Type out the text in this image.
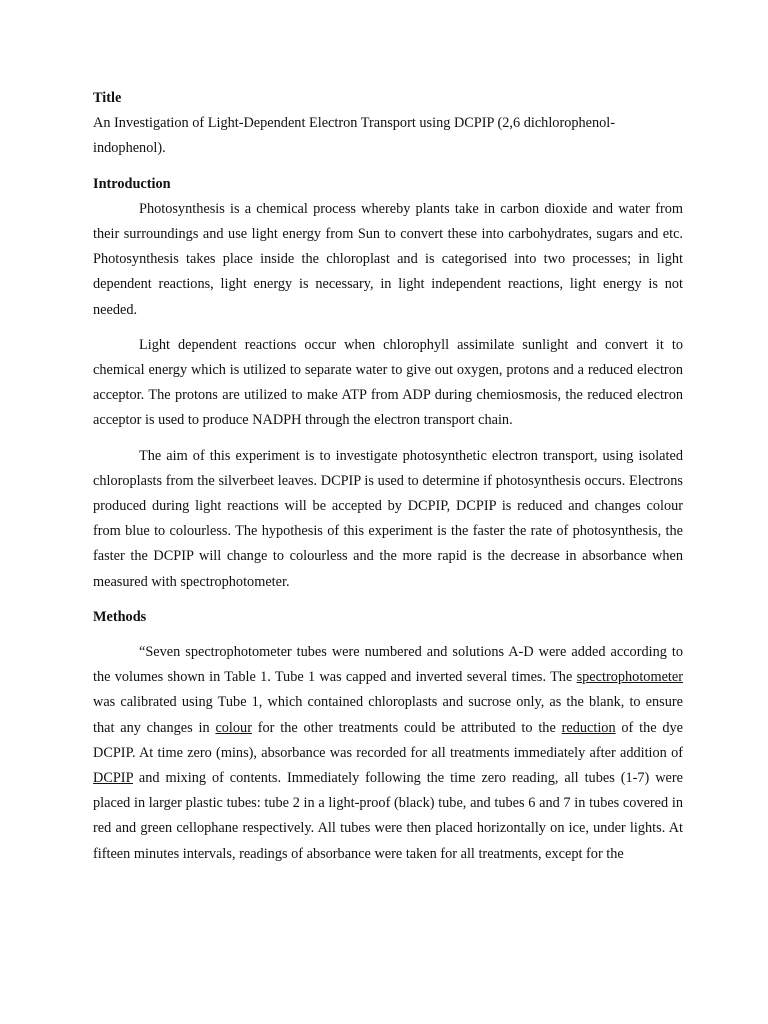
Title

An Investigation of Light-Dependent Electron Transport using DCPIP (2,6 dichlorophenol-indophenol).

Introduction

Photosynthesis is a chemical process whereby plants take in carbon dioxide and water from their surroundings and use light energy from Sun to convert these into carbohydrates, sugars and etc. Photosynthesis takes place inside the chloroplast and is categorised into two processes; in light dependent reactions, light energy is necessary, in light independent reactions, light energy is not needed.

Light dependent reactions occur when chlorophyll assimilate sunlight and convert it to chemical energy which is utilized to separate water to give out oxygen, protons and a reduced electron acceptor. The protons are utilized to make ATP from ADP during chemiosmosis, the reduced electron acceptor is used to produce NADPH through the electron transport chain.

The aim of this experiment is to investigate photosynthetic electron transport, using isolated chloroplasts from the silverbeet leaves. DCPIP is used to determine if photosynthesis occurs. Electrons produced during light reactions will be accepted by DCPIP, DCPIP is reduced and changes colour from blue to colourless. The hypothesis of this experiment is the faster the rate of photosynthesis, the faster the DCPIP will change to colourless and the more rapid is the decrease in absorbance when measured with spectrophotometer.

Methods

“Seven spectrophotometer tubes were numbered and solutions A-D were added according to the volumes shown in Table 1. Tube 1 was capped and inverted several times. The spectrophotometer was calibrated using Tube 1, which contained chloroplasts and sucrose only, as the blank, to ensure that any changes in colour for the other treatments could be attributed to the reduction of the dye DCPIP. At time zero (mins), absorbance was recorded for all treatments immediately after addition of DCPIP and mixing of contents. Immediately following the time zero reading, all tubes (1-7) were placed in larger plastic tubes: tube 2 in a light-proof (black) tube, and tubes 6 and 7 in tubes covered in red and green cellophane respectively. All tubes were then placed horizontally on ice, under lights. At fifteen minutes intervals, readings of absorbance were taken for all treatments, except for the
